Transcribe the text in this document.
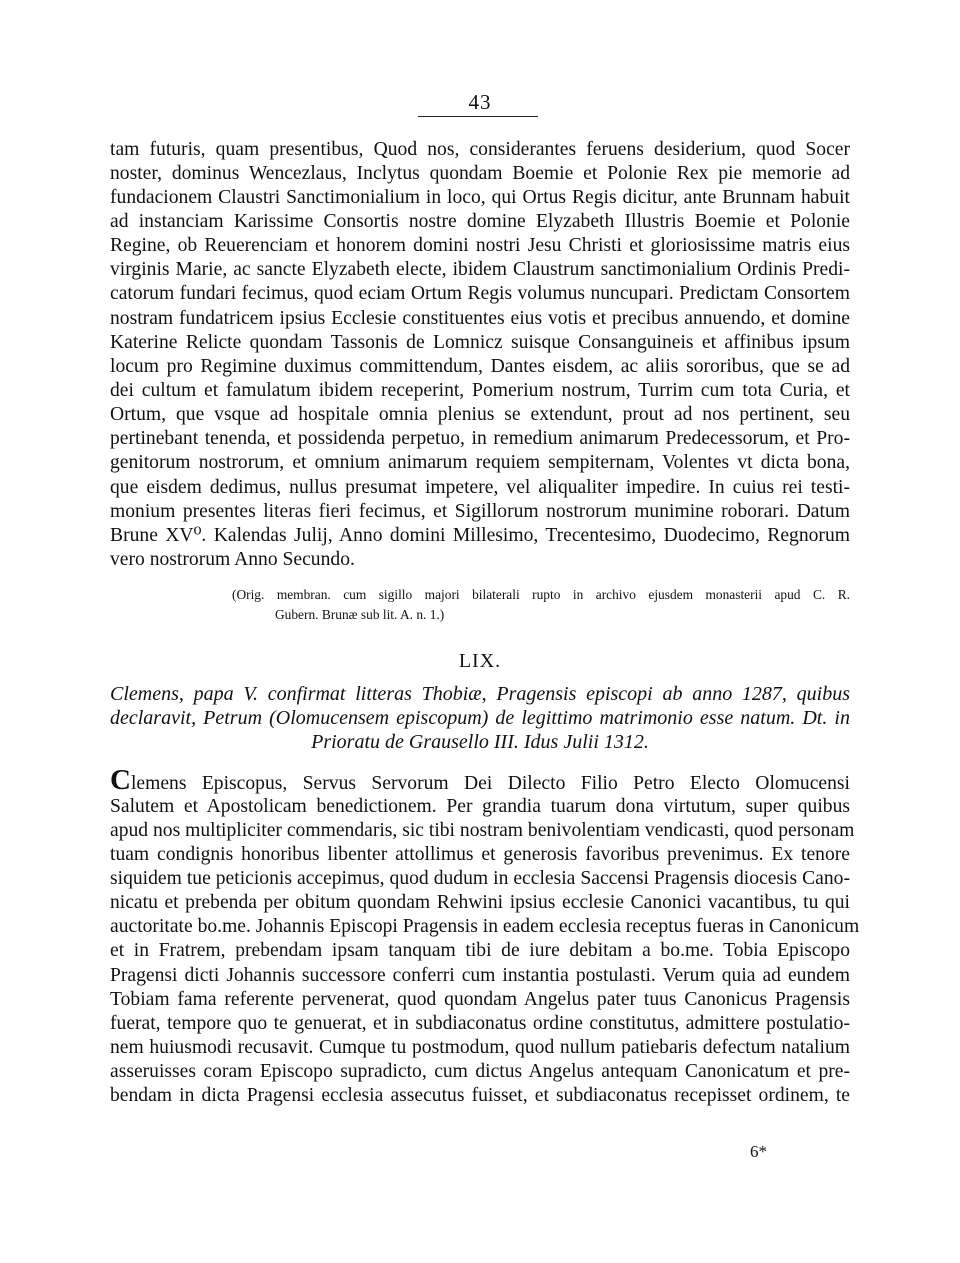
43
tam futuris, quam presentibus, Quod nos, considerantes feruens desiderium, quod Socer
noster, dominus Wencezlaus, Inclytus quondam Boemie et Polonie Rex pie memorie ad
fundacionem Claustri Sanctimonialium in loco, qui Ortus Regis dicitur, ante Brunnam habuit
ad instanciam Karissime Consortis nostre domine Elyzabeth Illustris Boemie et Polonie
Regine, ob Reuerenciam et honorem domini nostri Jesu Christi et gloriosissime matris eius
virginis Marie, ac sancte Elyzabeth electe, ibidem Claustrum sanctimonialium Ordinis Predi-
catorum fundari fecimus, quod eciam Ortum Regis volumus nuncupari. Predictam Consortem
nostram fundatricem ipsius Ecclesie constituentes eius votis et precibus annuendo, et domine
Katerine Relicte quondam Tassonis de Lomnicz suisque Consanguineis et affinibus ipsum
locum pro Regimine duximus committendum, Dantes eisdem, ac aliis sororibus, que se ad
dei cultum et famulatum ibidem receperint, Pomerium nostrum, Turrim cum tota Curia, et
Ortum, que vsque ad hospitale omnia plenius se extendunt, prout ad nos pertinent, seu
pertinebant tenenda, et possidenda perpetuo, in remedium animarum Predecessorum, et Pro-
genitorum nostrorum, et omnium animarum requiem sempiternam, Volentes vt dicta bona,
que eisdem dedimus, nullus presumat impetere, vel aliqualiter impedire. In cuius rei testi-
monium presentes literas fieri fecimus, et Sigillorum nostrorum munimine roborari. Datum
Brune XV⁰. Kalendas Julij, Anno domini Millesimo, Trecentesimo, Duodecimo, Regnorum
vero nostrorum Anno Secundo.
(Orig. membran. cum sigillo majori bilaterali rupto in archivo ejusdem monasterii apud C. R.
Gubern. Brunæ sub lit. A. n. 1.)
LIX.
Clemens, papa V. confirmat litteras Thobiæ, Pragensis episcopi ab anno 1287, quibus
declaravit, Petrum (Olomucensem episcopum) de legittimo matrimonio esse natum. Dt. in
Prioratu de Grausello III. Idus Julii 1312.
Clemens Episcopus, Servus Servorum Dei Dilecto Filio Petro Electo Olomucensi
Salutem et Apostolicam benedictionem. Per grandia tuarum dona virtutum, super quibus
apud nos multipliciter commendaris, sic tibi nostram benivolentiam vendicasti, quod personam
tuam condignis honoribus libenter attollimus et generosis favoribus prevenimus. Ex tenore
siquidem tue peticionis accepimus, quod dudum in ecclesia Saccensi Pragensis diocesis Cano-
nicatu et prebenda per obitum quondam Rehwini ipsius ecclesie Canonici vacantibus, tu qui
auctoritate bo.me. Johannis Episcopi Pragensis in eadem ecclesia receptus fueras in Canonicum
et in Fratrem, prebendam ipsam tanquam tibi de iure debitam a bo.me. Tobia Episcopo
Pragensi dicti Johannis successore conferri cum instantia postulasti. Verum quia ad eundem
Tobiam fama referente pervenerat, quod quondam Angelus pater tuus Canonicus Pragensis
fuerat, tempore quo te genuerat, et in subdiaconatus ordine constitutus, admittere postulatio-
nem huiusmodi recusavit. Cumque tu postmodum, quod nullum patiebaris defectum natalium
asseruisses coram Episcopo supradicto, cum dictus Angelus antequam Canonicatum et pre-
bendam in dicta Pragensi ecclesia assecutus fuisset, et subdiaconatus recepisset ordinem, te
6*
